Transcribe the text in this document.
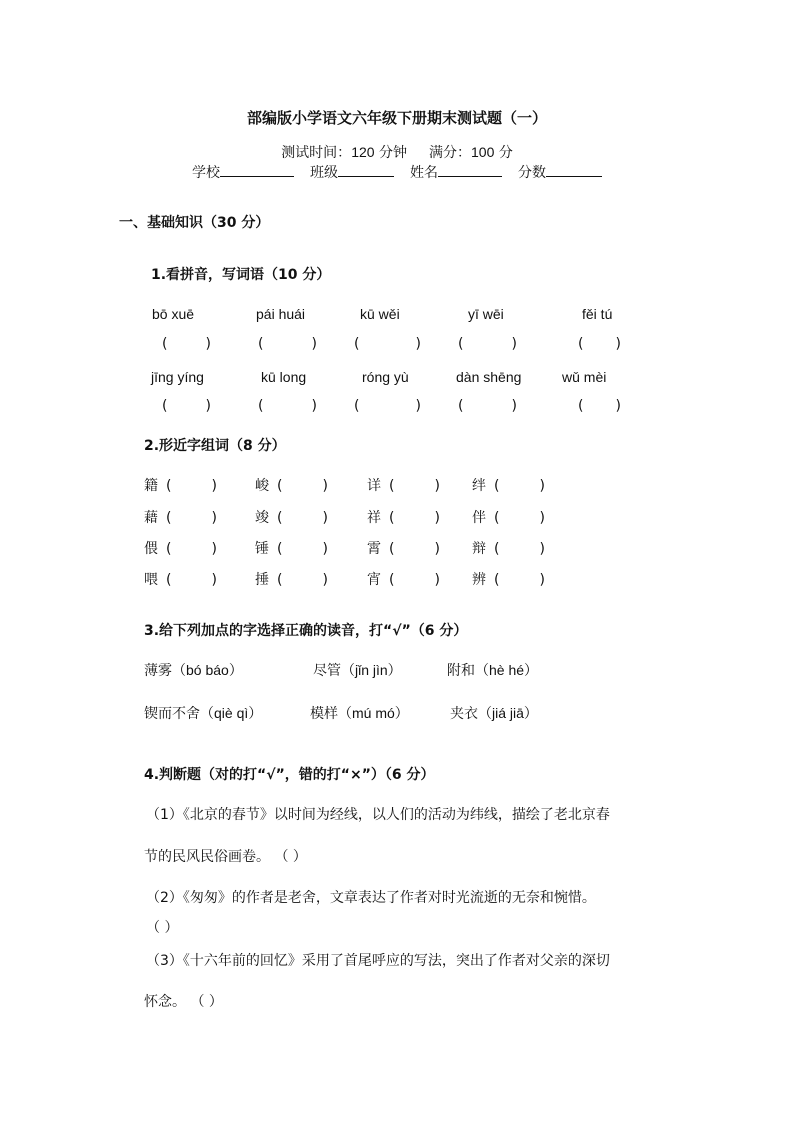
部编版小学语文六年级下册期末测试题（一）
测试时间：120 分钟 满分：100 分
学校	班级	姓名	分数
一、基础知识（30 分）
1.看拼音，写词语（10 分）
bō xuē	pái huái	kū wěi	yī wēi	fěi tú
(	)	(	)	(	)	(	)	( )
jīng yíng	kū long	róng yù	dàn shēng	wǔ mèi
(	)	(	)	(	)	(	)	( )
2.形近字组词（8 分）
籍 (	)	峻 (	)	详 (	) 绊 (	)
藉 (	)	竣 (	)	祥 (	) 伴 (	)
偎 (	)	锤 (	)	霄 (	) 辩 (	)
喂 (	)	捶 (	)	宵 (	) 辨 (	)
3.给下列加点的字选择正确的读音，打“√”（6 分）
薄雾（bó báo）	尽管（jǐn jìn）	附和（hè hé）
锲而不舍（qiè qì）	模样（mú mó）	夹衣（jiá jiā）
4.判断题（对的打“√”，错的打“×”）（6 分）
（1）《北京的春节》以时间为经线，以人们的活动为纬线，描绘了老北京春
节的民风民俗画卷。 （ ）
（2）《匆匆》的作者是老舍，文章表达了作者对时光流逝的无奈和惋惜。
（ ）
（3）《十六年前的回忆》采用了首尾呼应的写法，突出了作者对父亲的深切
怀念。 （ ）
